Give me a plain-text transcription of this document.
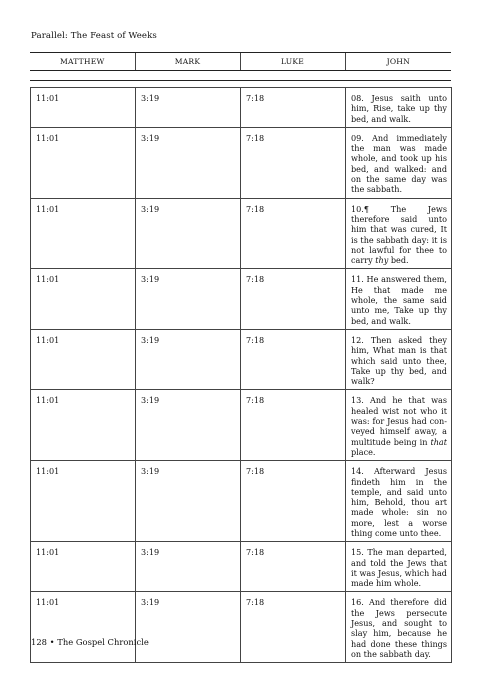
Parallel: The Feast of Weeks
MATTHEW	MARK	LUKE	JOHN
11:01	3:19	7:18	08. Jesus saith unto him, Rise, take up thy bed, and walk.
11:01	3:19	7:18	09. And immediately the man was made whole, and took up his bed, and walked: and on the same day was the sabbath.
11:01	3:19	7:18	10.¶ The Jews therefore said unto him that was cured, It is the sabbath day: it is not lawful for thee to carry thy bed.
11:01	3:19	7:18	11. He answered them, He that made me whole, the same said unto me, Take up thy bed, and walk.
11:01	3:19	7:18	12. Then asked they him, What man is that which said unto thee, Take up thy bed, and walk?
11:01	3:19	7:18	13. And he that was healed wist not who it was: for Jesus had conveyed himself away, a multitude being in that place.
11:01	3:19	7:18	14. Afterward Jesus findeth him in the temple, and said unto him, Behold, thou art made whole: sin no more, lest a worse thing come unto thee.
11:01	3:19	7:18	15. The man departed, and told the Jews that it was Jesus, which had made him whole.
11:01	3:19	7:18	16. And therefore did the Jews persecute Jesus, and sought to slay him, because he had done these things on the sabbath day.
128 • The Gospel Chronicle
